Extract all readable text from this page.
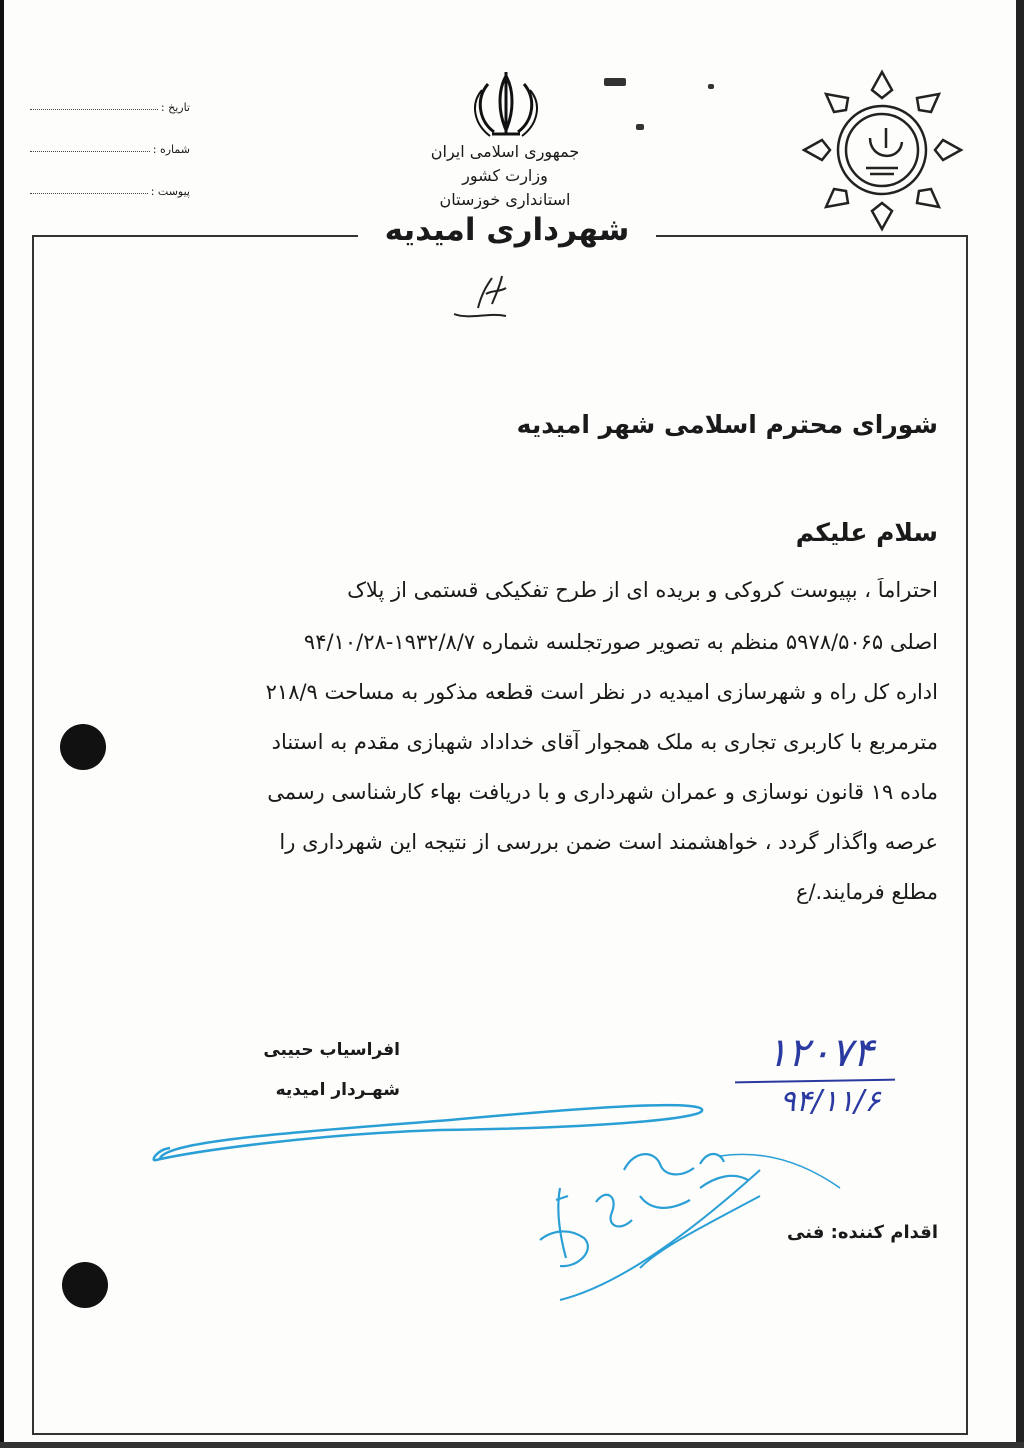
تاریخ :
شماره :
پیوست :
جمهوری اسلامی ایران
وزارت کشور
استانداری خوزستان
شهرداری امیدیه
شورای محترم اسلامی شهر امیدیه
سلام علیکم
احتراماً ، بپیوست کروکی و بریده ای از طرح تفکیکی قستمی از پلاک
اصلی ۵۹۷۸/۵۰۶۵ منظم به تصویر صورتجلسه شماره ۱۹۳۲/۸/۷-۹۴/۱۰/۲۸
اداره کل راه و شهرسازی امیدیه در نظر است قطعه مذکور به مساحت ۲۱۸/۹
مترمربع با کاربری تجاری به ملک همجوار آقای خداداد شهبازی مقدم به استناد
ماده ۱۹ قانون نوسازی و عمران شهرداری و با دریافت بهاء کارشناسی رسمی
عرصه واگذار گردد ، خواهشمند است ضمن بررسی از نتیجه این شهرداری را
مطلع فرمایند./ع
افراسیاب حبیبی
شهـردار امیدیه
۱۲۰۷۴
۹۴/۱۱/۶
اقدام کننده: فنی
